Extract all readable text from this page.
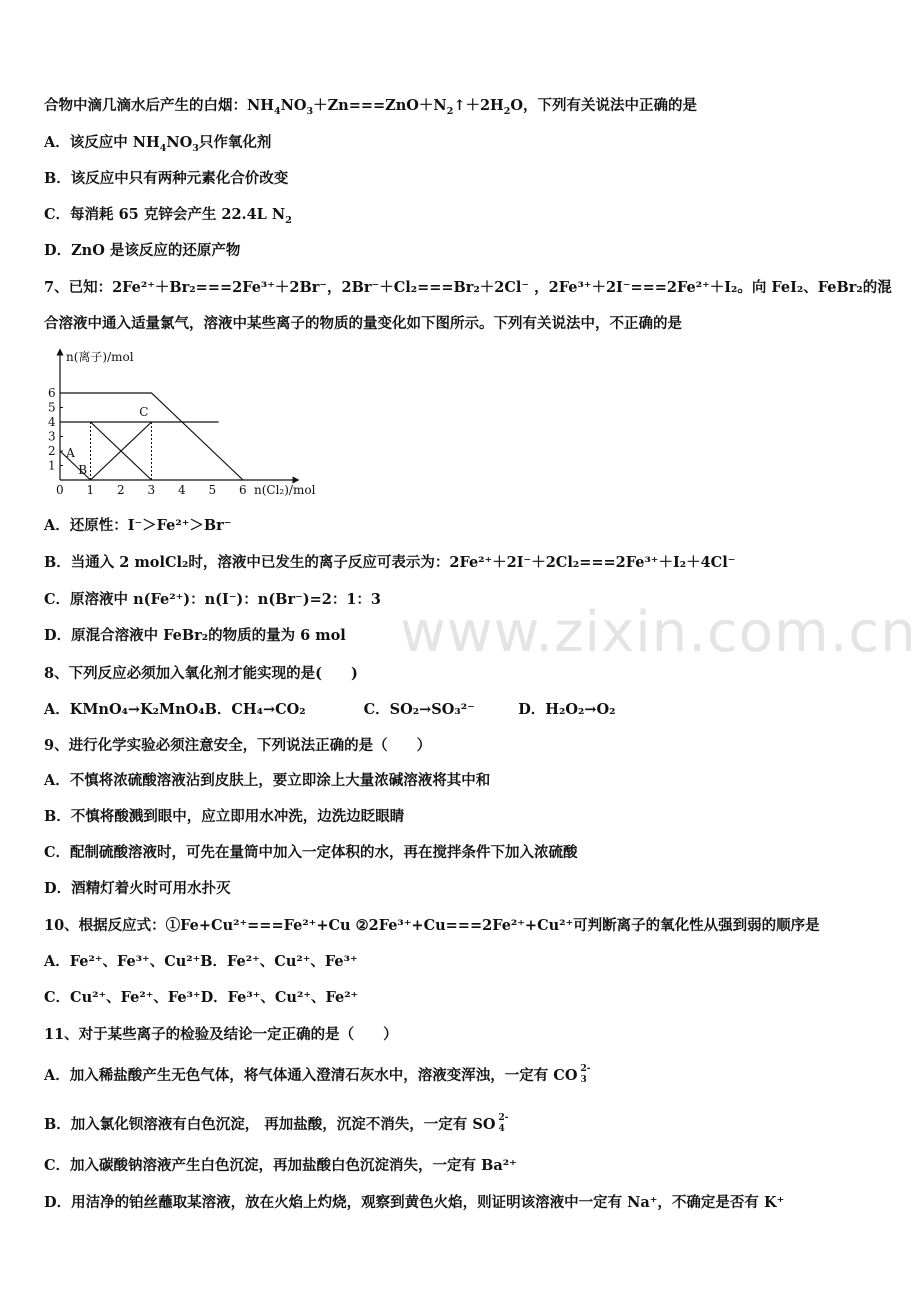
合物中滴几滴水后产生的白烟：$NH_4NO_3+Zn===ZnO+N_2↑+2H_2O$，下列有关说法中正确的是
A．该反应中 $NH_4NO_3$只作氧化剂
B．该反应中只有两种元素化合价改变
C．每消耗 65 克锌会产生 22.4L $N_2$
D．ZnO 是该反应的还原产物
7、已知：2Fe²⁺＋Br₂===2Fe³⁺＋2Br⁻，2Br⁻＋Cl₂===Br₂＋2Cl⁻ ，2Fe³⁺＋2I⁻===2Fe²⁺＋I₂。向 FeI₂、FeBr₂的混
合溶液中通入适量氯气，溶液中某些离子的物质的量变化如下图所示。下列有关说法中，不正确的是
n(离子)/mol
n(Cl₂)/mol
0 1 2 3 4 5 6
1
2
3
4
5
6
A
B
C
A．还原性：I⁻＞Fe²⁺＞Br⁻
B．当通入 2 molCl₂时，溶液中已发生的离子反应可表示为：2Fe²⁺＋2I⁻＋2Cl₂===2Fe³⁺＋I₂＋4Cl⁻
C．原溶液中 n(Fe²⁺)：n(I⁻)：n(Br⁻)=2：1：3
D．原混合溶液中 FeBr₂的物质的量为 6 mol www.zixin.com.cn
8、下列反应必须加入氧化剂才能实现的是(　　)
A．KMnO₄→K₂MnO₄B．CH₄→CO₂　　　　C．SO₂→SO₃²⁻　　　D．H₂O₂→O₂
9、进行化学实验必须注意安全，下列说法正确的是（　　）
A．不慎将浓硫酸溶液沾到皮肤上，要立即涂上大量浓碱溶液将其中和
B．不慎将酸溅到眼中，应立即用水冲洗，边洗边眨眼睛
C．配制硫酸溶液时，可先在量筒中加入一定体积的水，再在搅拌条件下加入浓硫酸
D．酒精灯着火时可用水扑灭
10、根据反应式：①Fe+Cu²⁺===Fe²⁺+Cu ②2Fe³⁺+Cu===2Fe²⁺+Cu²⁺可判断离子的氧化性从强到弱的顺序是
A．Fe²⁺、Fe³⁺、Cu²⁺B．Fe²⁺、Cu²⁺、Fe³⁺
C．Cu²⁺、Fe²⁺、Fe³⁺D．Fe³⁺、Cu²⁺、Fe²⁺
11、对于某些离子的检验及结论一定正确的是（　　）
A．加入稀盐酸产生无色气体，将气体通入澄清石灰水中，溶液变浑浊，一定有 CO 2-
3
B．加入氯化钡溶液有白色沉淀， 再加盐酸，沉淀不消失，一定有 SO 2-
4
C．加入碳酸钠溶液产生白色沉淀，再加盐酸白色沉淀消失，一定有 Ba²⁺
D．用洁净的铂丝蘸取某溶液，放在火焰上灼烧，观察到黄色火焰，则证明该溶液中一定有 Na⁺，不确定是否有 K⁺
